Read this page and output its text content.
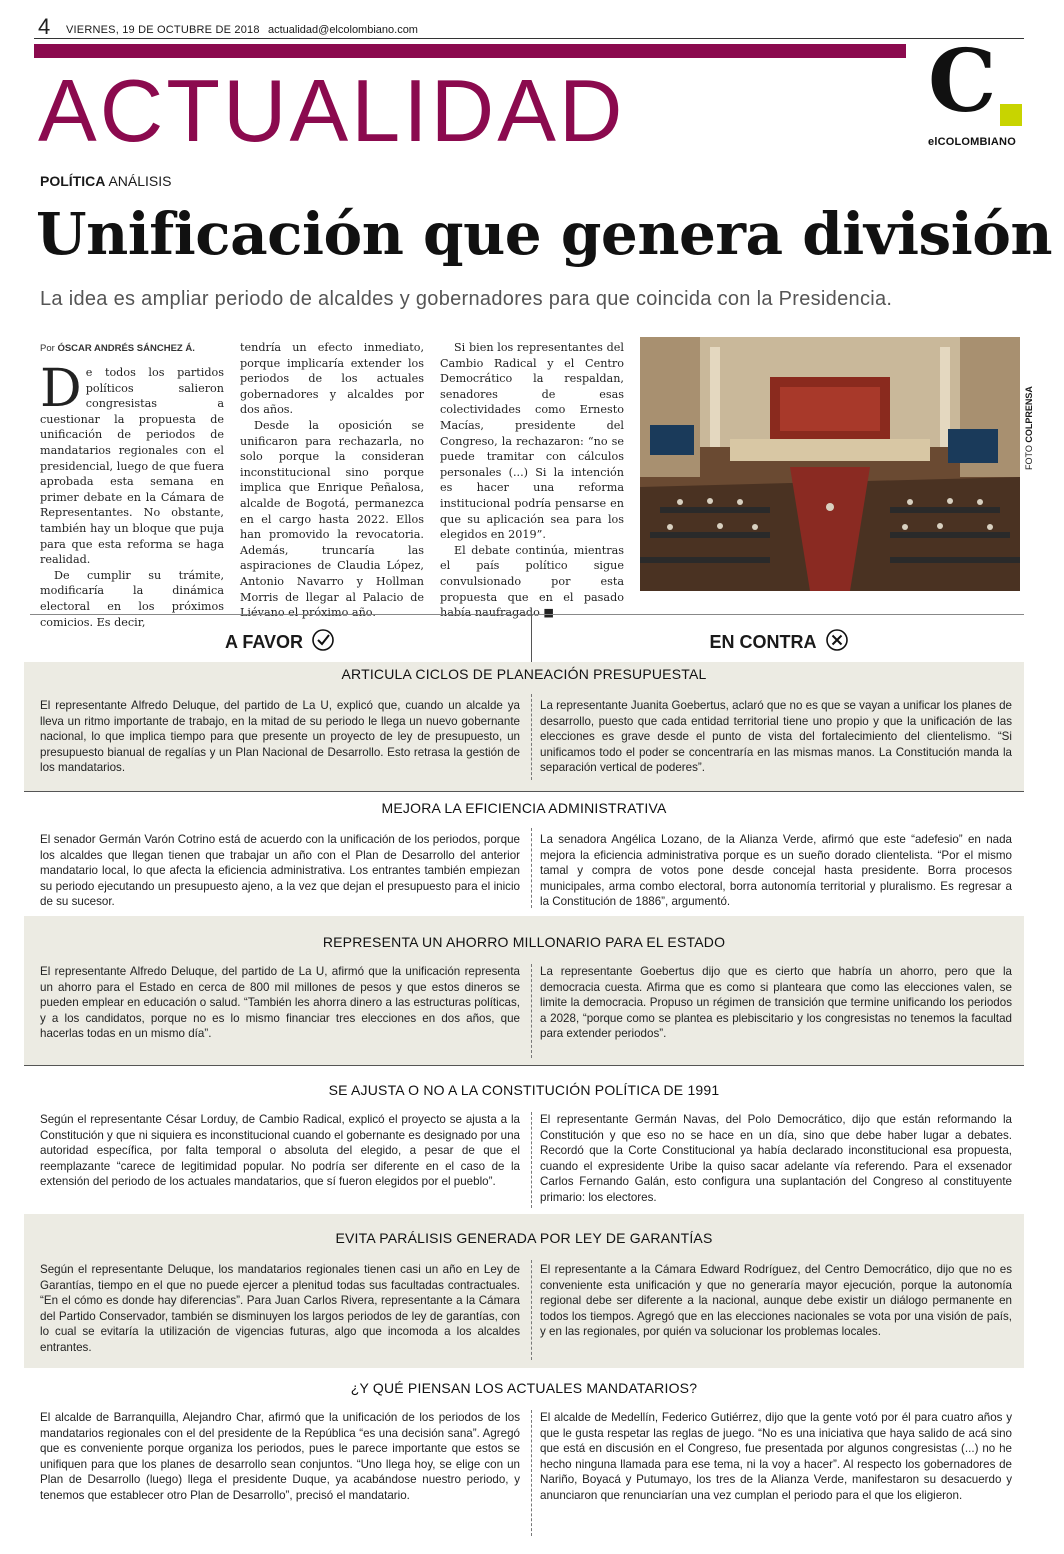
4 VIERNES, 19 DE OCTUBRE DE 2018 actualidad@elcolombiano.com
ACTUALIDAD	C
elCOLOMBIANO
POLÍTICA ANÁLISIS
Unificación que genera división
La idea es ampliar periodo de alcaldes y gobernadores para que coincida con la Presidencia.
Por ÓSCAR ANDRÉS SÁNCHEZ Á.

De todos los partidos políticos salieron congresistas a cuestionar la propuesta de unificación de periodos de mandatarios regionales con el presidencial, luego de que fuera aprobada esta semana en primer debate en la Cámara de Representantes. No obstante, también hay un bloque que puja para que esta reforma se haga realidad.

De cumplir su trámite, modificaría la dinámica electoral en los próximos comicios. Es decir,

tendría un efecto inmediato, porque implicaría extender los periodos de los actuales gobernadores y alcaldes por dos años.

Desde la oposición se unificaron para rechazarla, no solo porque la consideran inconstitucional sino porque implica que Enrique Peñalosa, alcalde de Bogotá, permanezca en el cargo hasta 2022. Ellos han promovido la revocatoria. Además, truncaría las aspiraciones de Claudia López, Antonio Navarro y Hollman Morris de llegar al Palacio de Liévano el próximo año.

Si bien los representantes del Cambio Radical y el Centro Democrático la respaldan, senadores de esas colectividades como Ernesto Macías, presidente del Congreso, la rechazaron: “no se puede tramitar con cálculos personales (...) Si la intención es hacer una reforma institucional podría pensarse en que su aplicación sea para los elegidos en 2019”.

El debate continúa, mientras el país político sigue convulsionado por esta propuesta que en el pasado había naufragado ■

FOTO COLPRENSA
A FAVOR	EN CONTRA
ARTICULA CICLOS DE PLANEACIÓN PRESUPUESTAL
El representante Alfredo Deluque, del partido de La U, explicó que, cuando un alcalde ya lleva un ritmo importante de trabajo, en la mitad de su periodo le llega un nuevo gobernante nacional, lo que implica tiempo para que presente un proyecto de ley de presupuesto, un presupuesto bianual de regalías y un Plan Nacional de Desarrollo. Esto retrasa la gestión de los mandatarios.
La representante Juanita Goebertus, aclaró que no es que se vayan a unificar los planes de desarrollo, puesto que cada entidad territorial tiene uno propio y que la unificación de las elecciones es grave desde el punto de vista del fortalecimiento del clientelismo. “Si unificamos todo el poder se concentraría en las mismas manos. La Constitución manda la separación vertical de poderes”.
MEJORA LA EFICIENCIA ADMINISTRATIVA
El senador Germán Varón Cotrino está de acuerdo con la unificación de los periodos, porque los alcaldes que llegan tienen que trabajar un año con el Plan de Desarrollo del anterior mandatario local, lo que afecta la eficiencia administrativa. Los entrantes también empiezan su periodo ejecutando un presupuesto ajeno, a la vez que dejan el presupuesto para el inicio de su sucesor.
La senadora Angélica Lozano, de la Alianza Verde, afirmó que este “adefesio” en nada mejora la eficiencia administrativa porque es un sueño dorado clientelista. “Por el mismo tamal y compra de votos pone desde concejal hasta presidente. Borra procesos municipales, arma combo electoral, borra autonomía territorial y pluralismo. Es regresar a la Constitución de 1886”, argumentó.
REPRESENTA UN AHORRO MILLONARIO PARA EL ESTADO
El representante Alfredo Deluque, del partido de La U, afirmó que la unificación representa un ahorro para el Estado en cerca de 800 mil millones de pesos y que estos dineros se pueden emplear en educación o salud. “También les ahorra dinero a las estructuras políticas, y a los candidatos, porque no es lo mismo financiar tres elecciones en dos años, que hacerlas todas en un mismo día”.
La representante Goebertus dijo que es cierto que habría un ahorro, pero que la democracia cuesta. Afirma que es como si planteara que como las elecciones valen, se limite la democracia. Propuso un régimen de transición que termine unificando los periodos a 2028, “porque como se plantea es plebiscitario y los congresistas no tenemos la facultad para extender periodos”.
SE AJUSTA O NO A LA CONSTITUCIÓN POLÍTICA DE 1991
Según el representante César Lorduy, de Cambio Radical, explicó el proyecto se ajusta a la Constitución y que ni siquiera es inconstitucional cuando el gobernante es designado por una autoridad específica, por falta temporal o absoluta del elegido, a pesar de que el reemplazante “carece de legitimidad popular. No podría ser diferente en el caso de la extensión del periodo de los actuales mandatarios, que sí fueron elegidos por el pueblo”.
El representante Germán Navas, del Polo Democrático, dijo que están reformando la Constitución y que eso no se hace en un día, sino que debe haber lugar a debates. Recordó que la Corte Constitucional ya había declarado inconstitucional esa propuesta, cuando el expresidente Uribe la quiso sacar adelante vía referendo. Para el exsenador Carlos Fernando Galán, esto configura una suplantación del Congreso al constituyente primario: los electores.
EVITA PARÁLISIS GENERADA POR LEY DE GARANTÍAS
Según el representante Deluque, los mandatarios regionales tienen casi un año en Ley de Garantías, tiempo en el que no puede ejercer a plenitud todas sus facultadas contractuales. “En el cómo es donde hay diferencias”. Para Juan Carlos Rivera, representante a la Cámara del Partido Conservador, también se disminuyen los largos periodos de ley de garantías, con lo cual se evitaría la utilización de vigencias futuras, algo que incomoda a los alcaldes entrantes.
El representante a la Cámara Edward Rodríguez, del Centro Democrático, dijo que no es conveniente esta unificación y que no generaría mayor ejecución, porque la autonomía regional debe ser diferente a la nacional, aunque debe existir un diálogo permanente en todos los tiempos. Agregó que en las elecciones nacionales se vota por una visión de país, y en las regionales, por quién va solucionar los problemas locales.
¿Y QUÉ PIENSAN LOS ACTUALES MANDATARIOS?
El alcalde de Barranquilla, Alejandro Char, afirmó que la unificación de los periodos de los mandatarios regionales con el del presidente de la República “es una decisión sana”. Agregó que es conveniente porque organiza los periodos, pues le parece importante que estos se unifiquen para que los planes de desarrollo sean conjuntos. “Uno llega hoy, se elige con un Plan de Desarrollo (luego) llega el presidente Duque, ya acabándose nuestro periodo, y tenemos que establecer otro Plan de Desarrollo”, precisó el mandatario.
El alcalde de Medellín, Federico Gutiérrez, dijo que la gente votó por él para cuatro años y que le gusta respetar las reglas de juego. “No es una iniciativa que haya salido de acá sino que está en discusión en el Congreso, fue presentada por algunos congresistas (...) no he hecho ninguna llamada para ese tema, ni la voy a hacer”. Al respecto los gobernadores de Nariño, Boyacá y Putumayo, los tres de la Alianza Verde, manifestaron su desacuerdo y anunciaron que renunciarían una vez cumplan el periodo para el que los eligieron.
